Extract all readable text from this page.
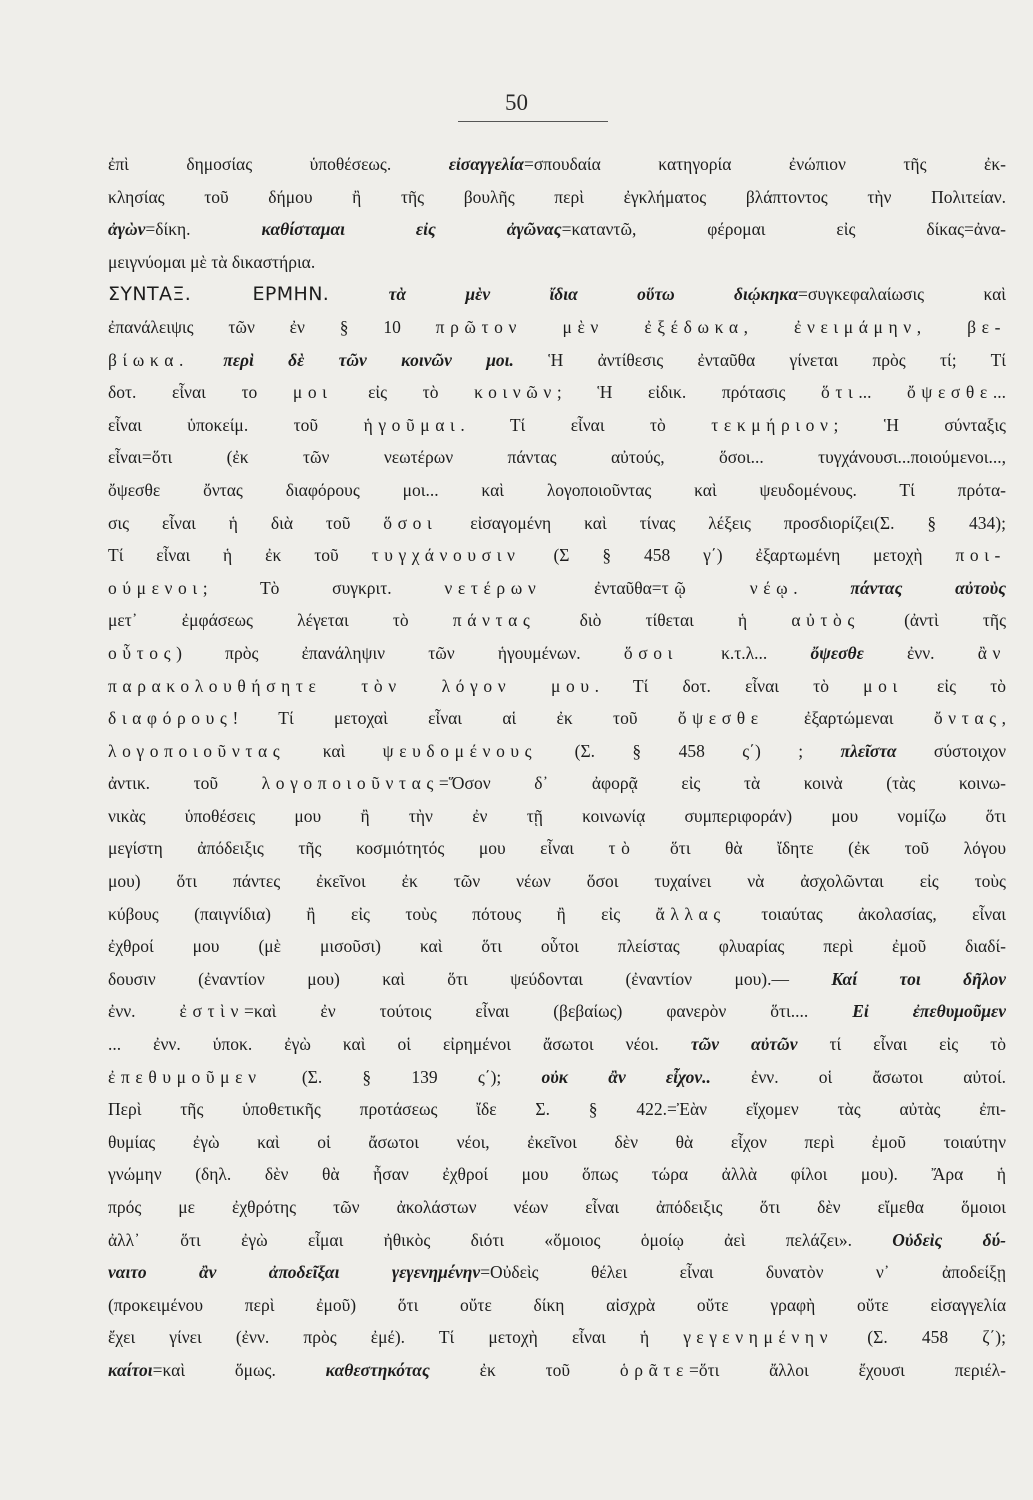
50
ἐπὶ δημοσίας ὑποθέσεως. εἰσαγγελία=σπουδαία κατηγορία ἐνώπιον τῆς ἐκ-
κλησίας τοῦ δήμου ἢ τῆς βουλῆς περὶ ἐγκλήματος βλάπτοντος τὴν Πολιτείαν.
ἀγὼν=δίκη. καθίσταμαι εἰς ἀγῶνας=καταντῶ, φέρομαι εἰς δίκας=ἀνα-
μειγνύομαι μὲ τὰ δικαστήρια.
ΣΥΝΤΑΞ. ΕΡΜΗΝ.	τὰ μὲν ἴδια οὕτω διῴκηκα=συγκεφαλαίωσις καὶ
ἐπανάλειψις τῶν ἐν § 10 πρῶτον μὲν ἐξέδωκα, ἐνειμάμην, βε-
βίωκα. περὶ δὲ τῶν κοινῶν μοι. Ἡ ἀντίθεσις ἐνταῦθα γίνεται πρὸς τί; Τί
δοτ. εἶναι το μοι εἰς τὸ κοινῶν; Ἡ εἰδικ. πρότασις ὅτι... ὄψεσθε...
εἶναι ὑποκείμ. τοῦ ἡγοῦμαι. Τί εἶναι τὸ τεκμήριον; Ἡ σύνταξις
εἶναι=ὅτι (ἐκ τῶν νεωτέρων πάντας αὐτούς, ὅσοι... τυγχάνουσι...ποιούμενοι...,
ὄψεσθε ὄντας διαφόρους μοι... καὶ λογοποιοῦντας καὶ ψευδομένους. Τί πρότα-
σις εἶναι ἡ διὰ τοῦ ὅσοι εἰσαγομένη καὶ τίνας λέξεις προσδιορίζει(Σ. § 434);
Τί εἶναι ἡ ἐκ τοῦ τυγχάνουσιν (Σ § 458 γ΄) ἐξαρτωμένη μετοχὴ ποι-
ούμενοι; Τὸ συγκριτ. νετέρων ἐνταῦθα=τῷ νέῳ. πάντας αὐτοὺς
μετ᾽ ἐμφάσεως λέγεται τὸ πάντας διὸ τίθεται ἡ αὐτὸς (ἀντὶ τῆς
οὗτος) πρὸς ἐπανάληψιν τῶν ἡγουμένων. ὅσοι κ.τ.λ... ὄψεσθε ἐνν. ἂν
παρακολουθήσητε τὸν λόγον μου. Τί δοτ. εἶναι τὸ μοι εἰς τὸ
διαφόρους! Τί μετοχαὶ εἶναι αἱ ἐκ τοῦ ὄψεσθε ἐξαρτώμεναι ὄντας,
λογοποιοῦντας καὶ ψευδομένους (Σ. § 458 ς΄) ; πλεῖστα σύστοιχον
ἀντικ. τοῦ λογοποιοῦντας=Ὅσον δ᾽ ἀφορᾷ εἰς τὰ κοινὰ (τὰς κοινω-
νικὰς ὑποθέσεις μου ἢ τὴν ἐν τῇ κοινωνίᾳ συμπεριφοράν) μου νομίζω ὅτι
μεγίστη ἀπόδειξις τῆς κοσμιότητός μου εἶναι τὸ ὅτι θὰ ἴδητε (ἐκ τοῦ λόγου
μου) ὅτι πάντες ἐκεῖνοι ἐκ τῶν νέων ὅσοι τυχαίνει νὰ ἀσχολῶνται εἰς τοὺς
κύβους (παιγνίδια) ἢ εἰς τοὺς πότους ἢ εἰς ἄλλας τοιαύτας ἀκολασίας, εἶναι
ἐχθροί μου (μὲ μισοῦσι) καὶ ὅτι οὗτοι πλείστας φλυαρίας περὶ ἐμοῦ διαδί-
δουσιν (ἐναντίον μου) καὶ ὅτι ψεύδονται (ἐναντίον μου).— Καί τοι δῆλον
ἐνν. ἐστὶν=καὶ ἐν τούτοις εἶναι (βεβαίως) φανερὸν ὅτι.... Εἰ ἐπεθυμοῦμεν
... ἐνν. ὑποκ. ἐγὼ καὶ οἱ εἰρημένοι ἄσωτοι νέοι. τῶν αὐτῶν τί εἶναι εἰς τὸ
ἐπεθυμοῦμεν (Σ. § 139 ς΄); οὐκ ἂν εἶχον.. ἐνν. οἱ ἄσωτοι αὐτοί.
Περὶ τῆς ὑποθετικῆς προτάσεως ἴδε Σ. § 422.=Ἐὰν εἴχομεν τὰς αὐτὰς ἐπι-
θυμίας ἐγὼ καὶ οἱ ἄσωτοι νέοι, ἐκεῖνοι δὲν θὰ εἶχον περὶ ἐμοῦ τοιαύτην
γνώμην (δηλ. δὲν θὰ ἦσαν ἐχθροί μου ὅπως τώρα ἀλλὰ φίλοι μου). Ἄρα ἡ
πρός με ἐχθρότης τῶν ἀκολάστων νέων εἶναι ἀπόδειξις ὅτι δὲν εἴμεθα ὅμοιοι
ἀλλ᾽ ὅτι ἐγὼ εἶμαι ἠθικὸς διότι «ὅμοιος ὁμοίῳ ἀεὶ πελάζει». Οὐδεὶς δύ-
ναιτο ἂν ἀποδεῖξαι γεγενημένην=Οὐδεὶς θέλει εἶναι δυνατὸν ν᾽ ἀποδείξῃ
(προκειμένου περὶ ἐμοῦ) ὅτι οὔτε δίκη αἰσχρὰ οὔτε γραφὴ οὔτε εἰσαγγελία
ἔχει γίνει (ἐνν. πρὸς ἐμέ). Τί μετοχὴ εἶναι ἡ γεγενημένην (Σ. 458 ζ΄);
καίτοι=καὶ ὅμως. καθεστηκότας ἐκ τοῦ ὁρᾶτε=ὅτι ἄλλοι ἔχουσι περιέλ-
